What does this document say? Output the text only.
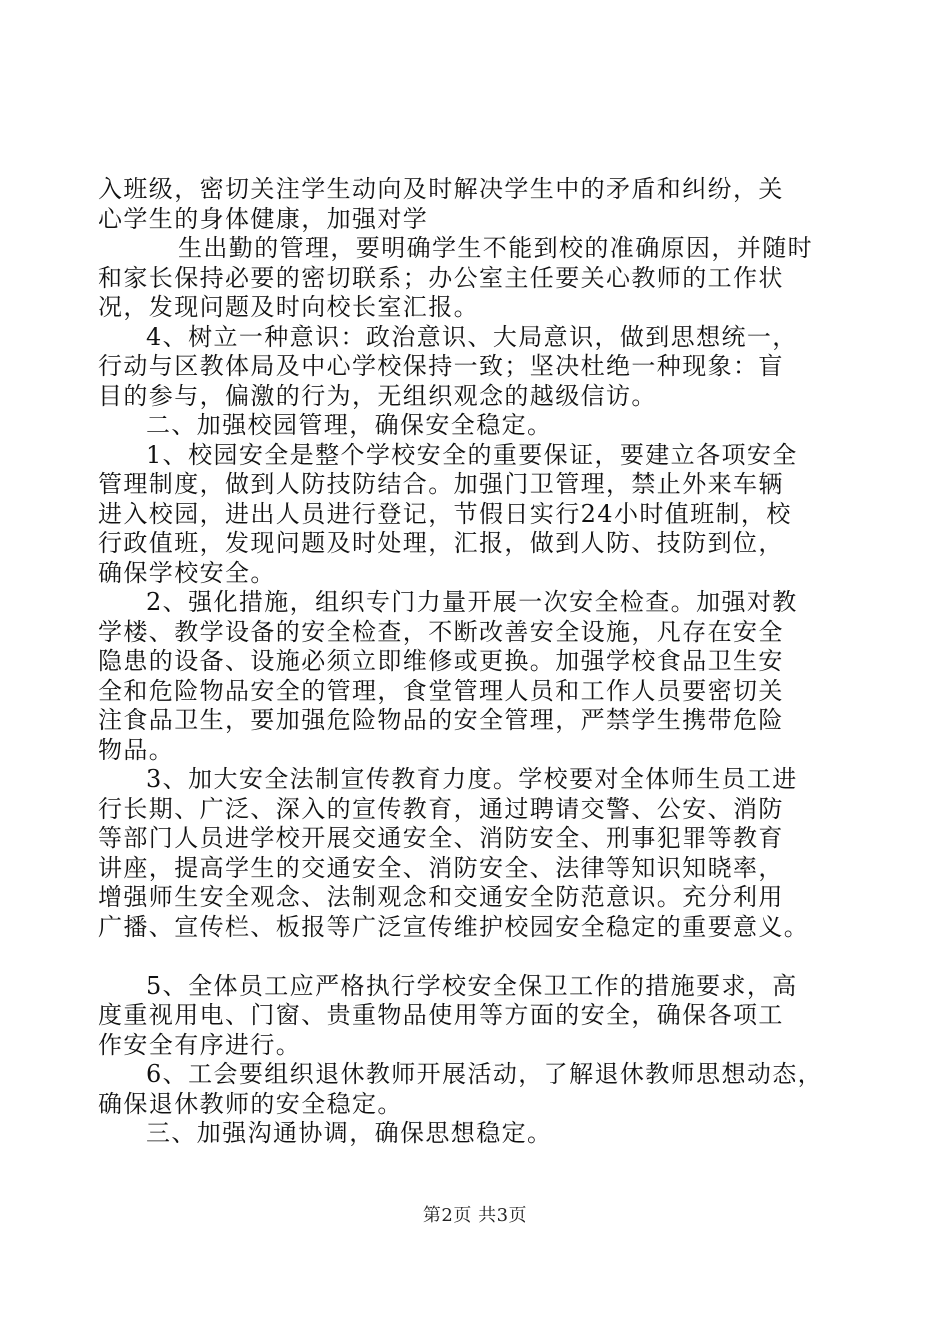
入班级，密切关注学生动向及时解决学生中的矛盾和纠纷，关
心学生的身体健康，加强对学
生出勤的管理，要明确学生不能到校的准确原因，并随时
和家长保持必要的密切联系；办公室主任要关心教师的工作状
况，发现问题及时向校长室汇报。
4、树立一种意识：政治意识、大局意识，做到思想统一，
行动与区教体局及中心学校保持一致；坚决杜绝一种现象：盲
目的参与，偏激的行为，无组织观念的越级信访。
二、加强校园管理，确保安全稳定。
1、校园安全是整个学校安全的重要保证，要建立各项安全
管理制度，做到人防技防结合。加强门卫管理，禁止外来车辆
进入校园，进出人员进行登记，节假日实行24小时值班制，校
行政值班，发现问题及时处理，汇报，做到人防、技防到位，
确保学校安全。
2、强化措施，组织专门力量开展一次安全检查。加强对教
学楼、教学设备的安全检查，不断改善安全设施，凡存在安全
隐患的设备、设施必须立即维修或更换。加强学校食品卫生安
全和危险物品安全的管理，食堂管理人员和工作人员要密切关
注食品卫生，要加强危险物品的安全管理，严禁学生携带危险
物品。
3、加大安全法制宣传教育力度。学校要对全体师生员工进
行长期、广泛、深入的宣传教育，通过聘请交警、公安、消防
等部门人员进学校开展交通安全、消防安全、刑事犯罪等教育
讲座，提高学生的交通安全、消防安全、法律等知识知晓率，
增强师生安全观念、法制观念和交通安全防范意识。充分利用
广播、宣传栏、板报等广泛宣传维护校园安全稳定的重要意义。
5、全体员工应严格执行学校安全保卫工作的措施要求，高
度重视用电、门窗、贵重物品使用等方面的安全，确保各项工
作安全有序进行。
6、工会要组织退休教师开展活动，了解退休教师思想动态，
确保退休教师的安全稳定。
三、加强沟通协调，确保思想稳定。
第2页 共3页
